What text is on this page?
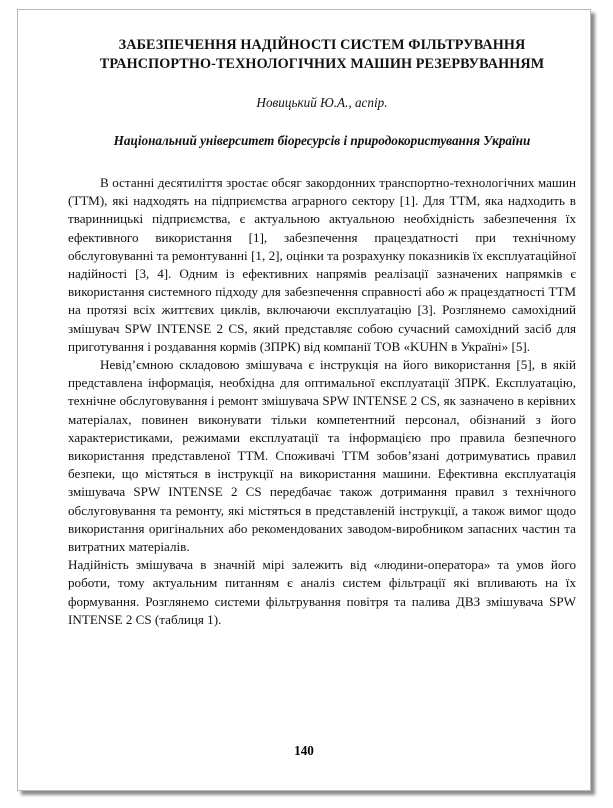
ЗАБЕЗПЕЧЕННЯ НАДІЙНОСТІ СИСТЕМ ФІЛЬТРУВАННЯ
ТРАНСПОРТНО-ТЕХНОЛОГІЧНИХ МАШИН РЕЗЕРВУВАННЯМ

Новицький Ю.А., аспір.

Національний університет біоресурсів і природокористування України

В останні десятиліття зростає обсяг закордонних транспортно-технологічних машин (ТТМ), які надходять на підприємства аграрного сектору [1]. Для ТТМ, яка надходить в тваринницькі підприємства, є актуальною актуальною необхідність забезпечення їх ефективного використання [1], забезпечення працездатності при технічному обслуговуванні та ремонтуванні [1, 2], оцінки та розрахунку показників їх експлуатаційної надійності [3, 4]. Одним із ефективних напрямів реалізації зазначених напрямків є використання системного підходу для забезпечення справності або ж працездатності ТТМ на протязі всіх життєвих циклів, включаючи експлуатацію [3]. Розглянемо самохідний змішувач SPW INTENSE 2 CS, який представляє собою сучасний самохідний засіб для приготування і роздавання кормів (ЗПРК) від компанії ТОВ «KUHN в Україні» [5].

Невід’ємною складовою змішувача є інструкція на його використання [5], в якій представлена інформація, необхідна для оптимальної експлуатації ЗПРК. Експлуатацію, технічне обслуговування і ремонт змішувача SPW INTENSE 2 CS, як зазначено в керівних матеріалах, повинен виконувати тільки компетентний персонал, обізнаний з його характеристиками, режимами експлуатації та інформацією про правила безпечного використання представленої ТТМ. Споживачі ТТМ зобов’язані дотримуватись правил безпеки, що містяться в інструкції на використання машини. Ефективна експлуатація змішувача SPW INTENSE 2 CS передбачає також дотримання правил з технічного обслуговування та ремонту, які містяться в представленій інструкції, а також вимог щодо використання оригінальних або рекомендованих заводом-виробником запасних частин та витратних матеріалів.

Надійність змішувача в значній мірі залежить від «людини-оператора» та умов його роботи, тому актуальним питанням є аналіз систем фільтрації які впливають на їх формування. Розглянемо системи фільтрування повітря та палива ДВЗ змішувача SPW INTENSE 2 CS (таблиця 1).

140
